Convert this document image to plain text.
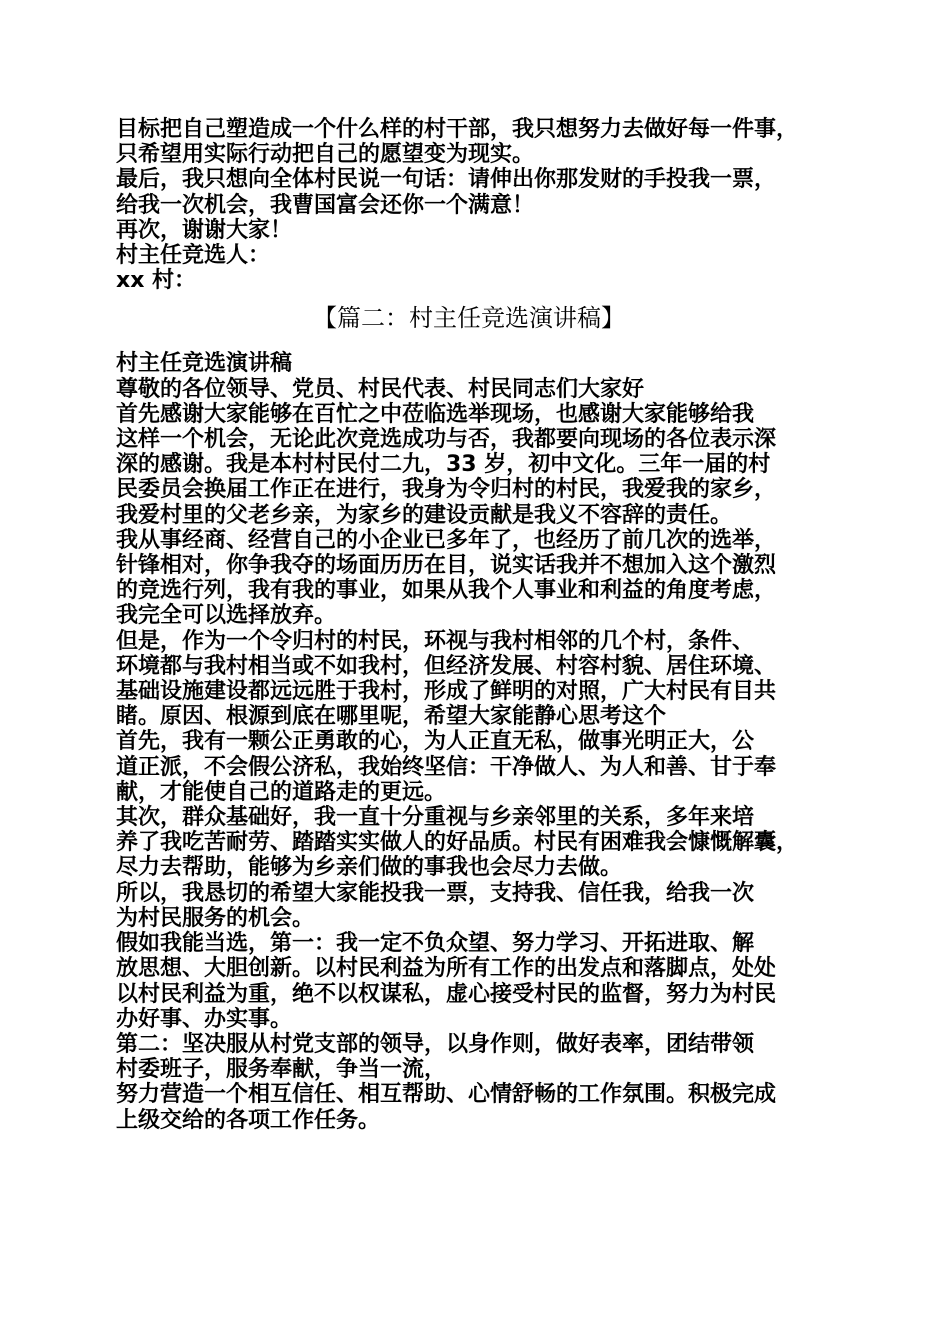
目标把自己塑造成一个什么样的村干部，我只想努力去做好每一件事，
只希望用实际行动把自己的愿望变为现实。
最后，我只想向全体村民说一句话：请伸出你那发财的手投我一票，
给我一次机会，我曹国富会还你一个满意！
再次，谢谢大家！
村主任竞选人：
xx 村：
【篇二：村主任竞选演讲稿】
村主任竞选演讲稿
尊敬的各位领导、党员、村民代表、村民同志们大家好
首先感谢大家能够在百忙之中莅临选举现场，也感谢大家能够给我
这样一个机会，无论此次竞选成功与否，我都要向现场的各位表示深
深的感谢。我是本村村民付二九，33 岁，初中文化。三年一届的村
民委员会换届工作正在进行，我身为令归村的村民，我爱我的家乡，
我爱村里的父老乡亲，为家乡的建设贡献是我义不容辞的责任。
我从事经商、经营自己的小企业已多年了，也经历了前几次的选举，
针锋相对，你争我夺的场面历历在目，说实话我并不想加入这个激烈
的竞选行列，我有我的事业，如果从我个人事业和利益的角度考虑，
我完全可以选择放弃。
但是，作为一个令归村的村民，环视与我村相邻的几个村，条件、
环境都与我村相当或不如我村，但经济发展、村容村貌、居住环境、
基础设施建设都远远胜于我村，形成了鲜明的对照，广大村民有目共
睹。原因、根源到底在哪里呢，希望大家能静心思考这个
首先，我有一颗公正勇敢的心，为人正直无私，做事光明正大，公
道正派，不会假公济私，我始终坚信：干净做人、为人和善、甘于奉
献，才能使自己的道路走的更远。
其次，群众基础好，我一直十分重视与乡亲邻里的关系，多年来培
养了我吃苦耐劳、踏踏实实做人的好品质。村民有困难我会慷慨解囊，
尽力去帮助，能够为乡亲们做的事我也会尽力去做。
所以，我恳切的希望大家能投我一票，支持我、信任我，给我一次
为村民服务的机会。
假如我能当选，第一：我一定不负众望、努力学习、开拓进取、解
放思想、大胆创新。以村民利益为所有工作的出发点和落脚点，处处
以村民利益为重，绝不以权谋私，虚心接受村民的监督，努力为村民
办好事、办实事。
第二：坚决服从村党支部的领导，以身作则，做好表率，团结带领
村委班子，服务奉献，争当一流，
努力营造一个相互信任、相互帮助、心情舒畅的工作氛围。积极完成
上级交给的各项工作任务。
